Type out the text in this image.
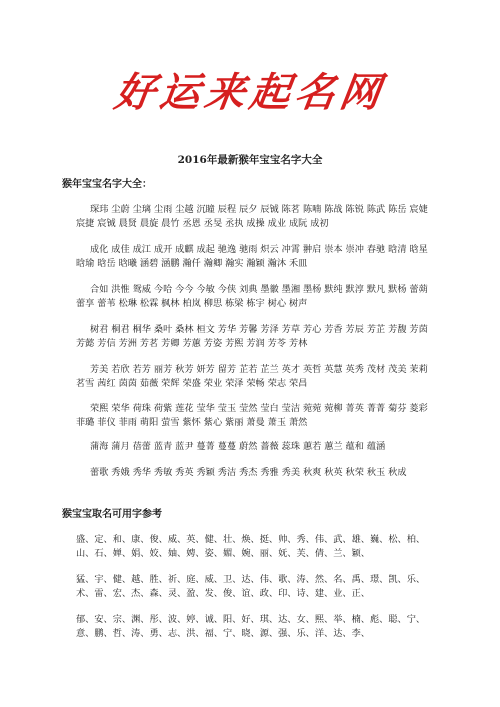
好运来起名网
2016年最新猴年宝宝名字大全
猴年宝宝名字大全：
琛玮 尘蔚 尘璃 尘雨 尘越 沉瞳 辰程 辰夕 辰铖 陈茗 陈喃 陈战 陈锐 陈武 陈岳 宸婕 宸捷 宸铖 晨贤 晨旋 晨竹 丞恩 丞旻 丞执 成操 成业 成阮 成初
成化 成佳 成江 成开 成麒 成起 驰逸 驰雨 炽云 冲霄 翀启 崇本 崇冲 春驰 晗清 晗星 晗瑜 晗岳 晗曦 涵碧 涵鹏 瀚仟 瀚卿 瀚实 瀚颖 瀚沐 禾皿
合如 洪惟 鸳威 今哈 今今 今敏 今侠 刘典 墨徽 墨湘 墨杨 默纯 默淳 默凡 默杨 蕾蒴 蕾享 蕾苇 松琳 松霖 枫林 柏岚 柳思 栋梁 栋宇 树心 树声
树君 桐君 桐华 桑叶 桑林 桓文 芳华 芳馨 芳泽 芳草 芳心 芳香 芳辰 芳芷 芳馥 芳茵 芳懿 芳信 芳洲 芳茗 芳卿 芳蕙 芳姿 芳熙 芳润 芳苓 芳林
芳美 若欣 若芳 丽芳 秋芳 妍芳 留芳 芷若 芷兰 英才 英哲 英慧 英秀 茂材 茂美 茉莉 茗雪 茜红 茵茵 茹薇 荣辉 荣盛 荣业 荣泽 荣畅 荣志 荣昌
荣熙 荣华 荷珠 荷紫 莲花 莹华 莹玉 莹然 莹白 莹洁 菀菀 菀柳 菁英 菁菁 菊芬 菱彩 菲璐 菲仪 菲雨 萌阳 萤雪 紫怀 紫心 紫丽 萧曼 萧玉 萧然
蒲海 蒲月 蓓蕾 蓝青 蓝尹 蔓菁 蔓蔓 蔚然 蔷薇 蕊珠 蕙若 蕙兰 蕴和 蕴涵
蕾歌 秀娥 秀华 秀敏 秀英 秀颖 秀洁 秀杰 秀雅 秀美 秋爽 秋英 秋荣 秋玉 秋成
猴宝宝取名可用字参考
盛、定、和、康、俊、威、英、健、壮、焕、挺、帅、秀、伟、武、雄、巍、松、柏、山、石、婵、娟、姣、妯、娉、姿、媚、婉、丽、妩、芙、倩、兰、颖、
猛、宇、健、越、胜、祈、庭、威、卫、达、伟、歌、涛、然、名、禹、璟、凯、乐、术、雷、宏、杰、森、灵、盈、发、俊、谊、政、印、诗、建、业、正、
郁、安、宗、渊、彤、波、婷、诚、阳、好、琪、达、女、熙、举、楠、彪、聪、宁、意、鹏、哲、涛、勇、志、洪、福、宁、晓、源、强、乐、洋、达、李、
